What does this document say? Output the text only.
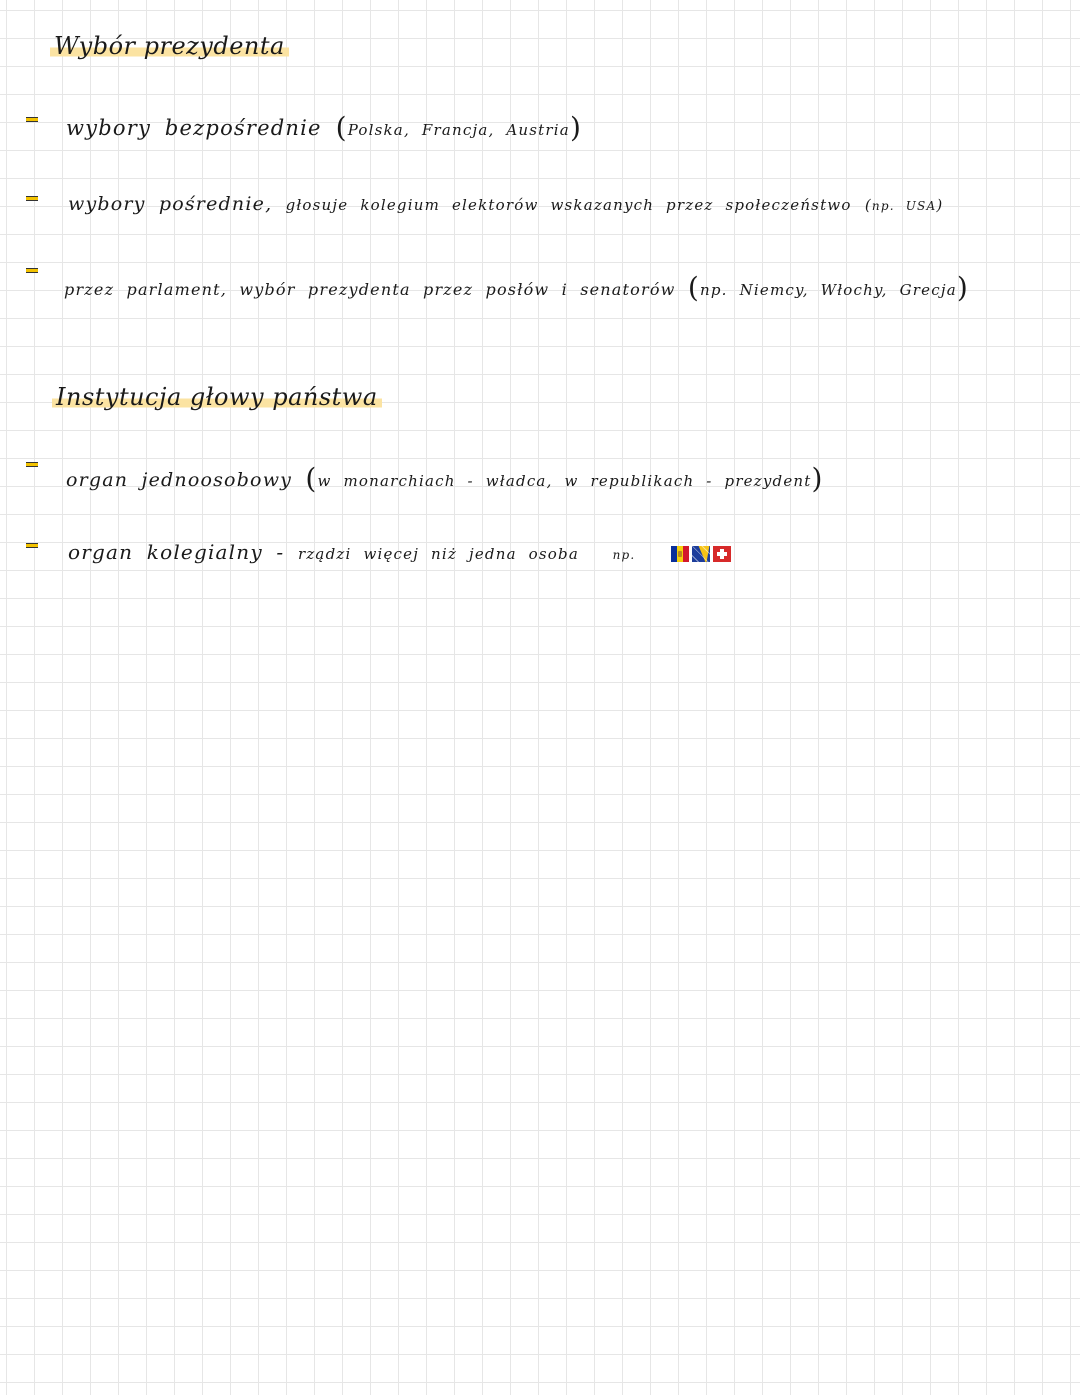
Wybór prezydenta
wybory bezpośrednie (Polska, Francja, Austria)
wybory pośrednie, głosuje kolegium elektorów wskazanych przez społeczeństwo (np. USA)
przez parlament, wybór prezydenta przez posłów i senatorów (np. Niemcy, Włochy, Grecja)
Instytucja głowy państwa
organ jednoosobowy (w monarchiach - władca, w republikach - prezydent)
organ kolegialny - rządzi więcej niż jedna osoba	np.
